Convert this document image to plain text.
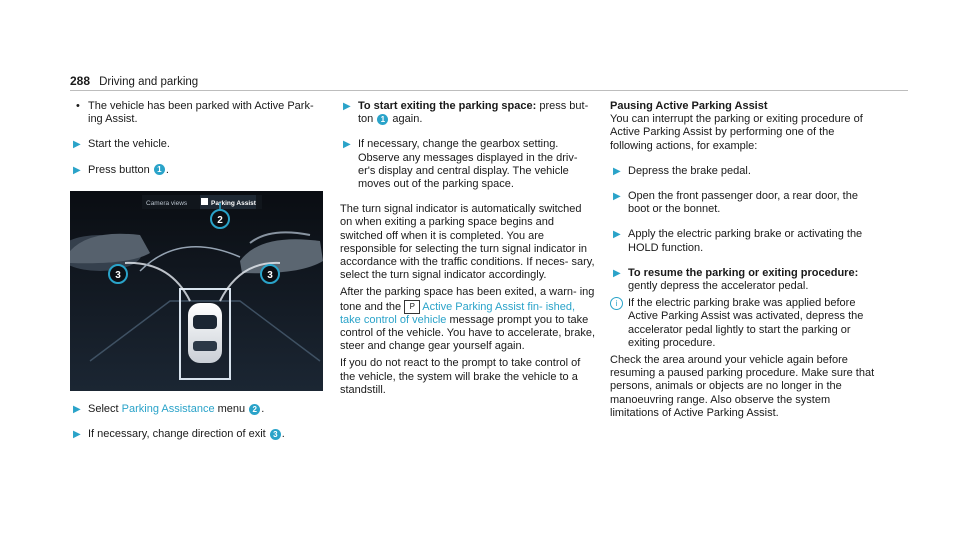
288 Driving and parking

• The vehicle has been parked with Active Park- ing Assist.

▶ Start the vehicle.

▶ Press button 1 .

Camera views	Parking Assist
3
2
3

▶ Select Parking Assistance menu 2 .

▶ If necessary, change direction of exit 3 .

▶ To start exiting the parking space: press but- ton 1 again.

▶ If necessary, change the gearbox setting. Observe any messages displayed in the driv- er's display and central display. The vehicle moves out of the parking space.

The turn signal indicator is automatically switched on when exiting a parking space begins and switched off when it is completed. You are responsible for selecting the turn signal indicator in accordance with the traffic conditions. If neces- sary, select the turn signal indicator accordingly.

After the parking space has been exited, a warn- ing tone and the P Active Parking Assist fin- ished, take control of vehicle message prompt you to take control of the vehicle. You have to accelerate, brake, steer and change gear yourself again.

If you do not react to the prompt to take control of the vehicle, the system will brake the vehicle to a standstill.

Pausing Active Parking Assist

You can interrupt the parking or exiting procedure of Active Parking Assist by performing one of the following actions, for example:

▶ Depress the brake pedal.

▶ Open the front passenger door, a rear door, the boot or the bonnet.

▶ Apply the electric parking brake or activating the HOLD function.

▶ To resume the parking or exiting procedure: gently depress the accelerator pedal.

i If the electric parking brake was applied before Active Parking Assist was activated, depress the accelerator pedal lightly to start the parking or exiting procedure.

Check the area around your vehicle again before resuming a paused parking procedure. Make sure that persons, animals or objects are no longer in the manoeuvring range. Also observe the system limitations of Active Parking Assist.
